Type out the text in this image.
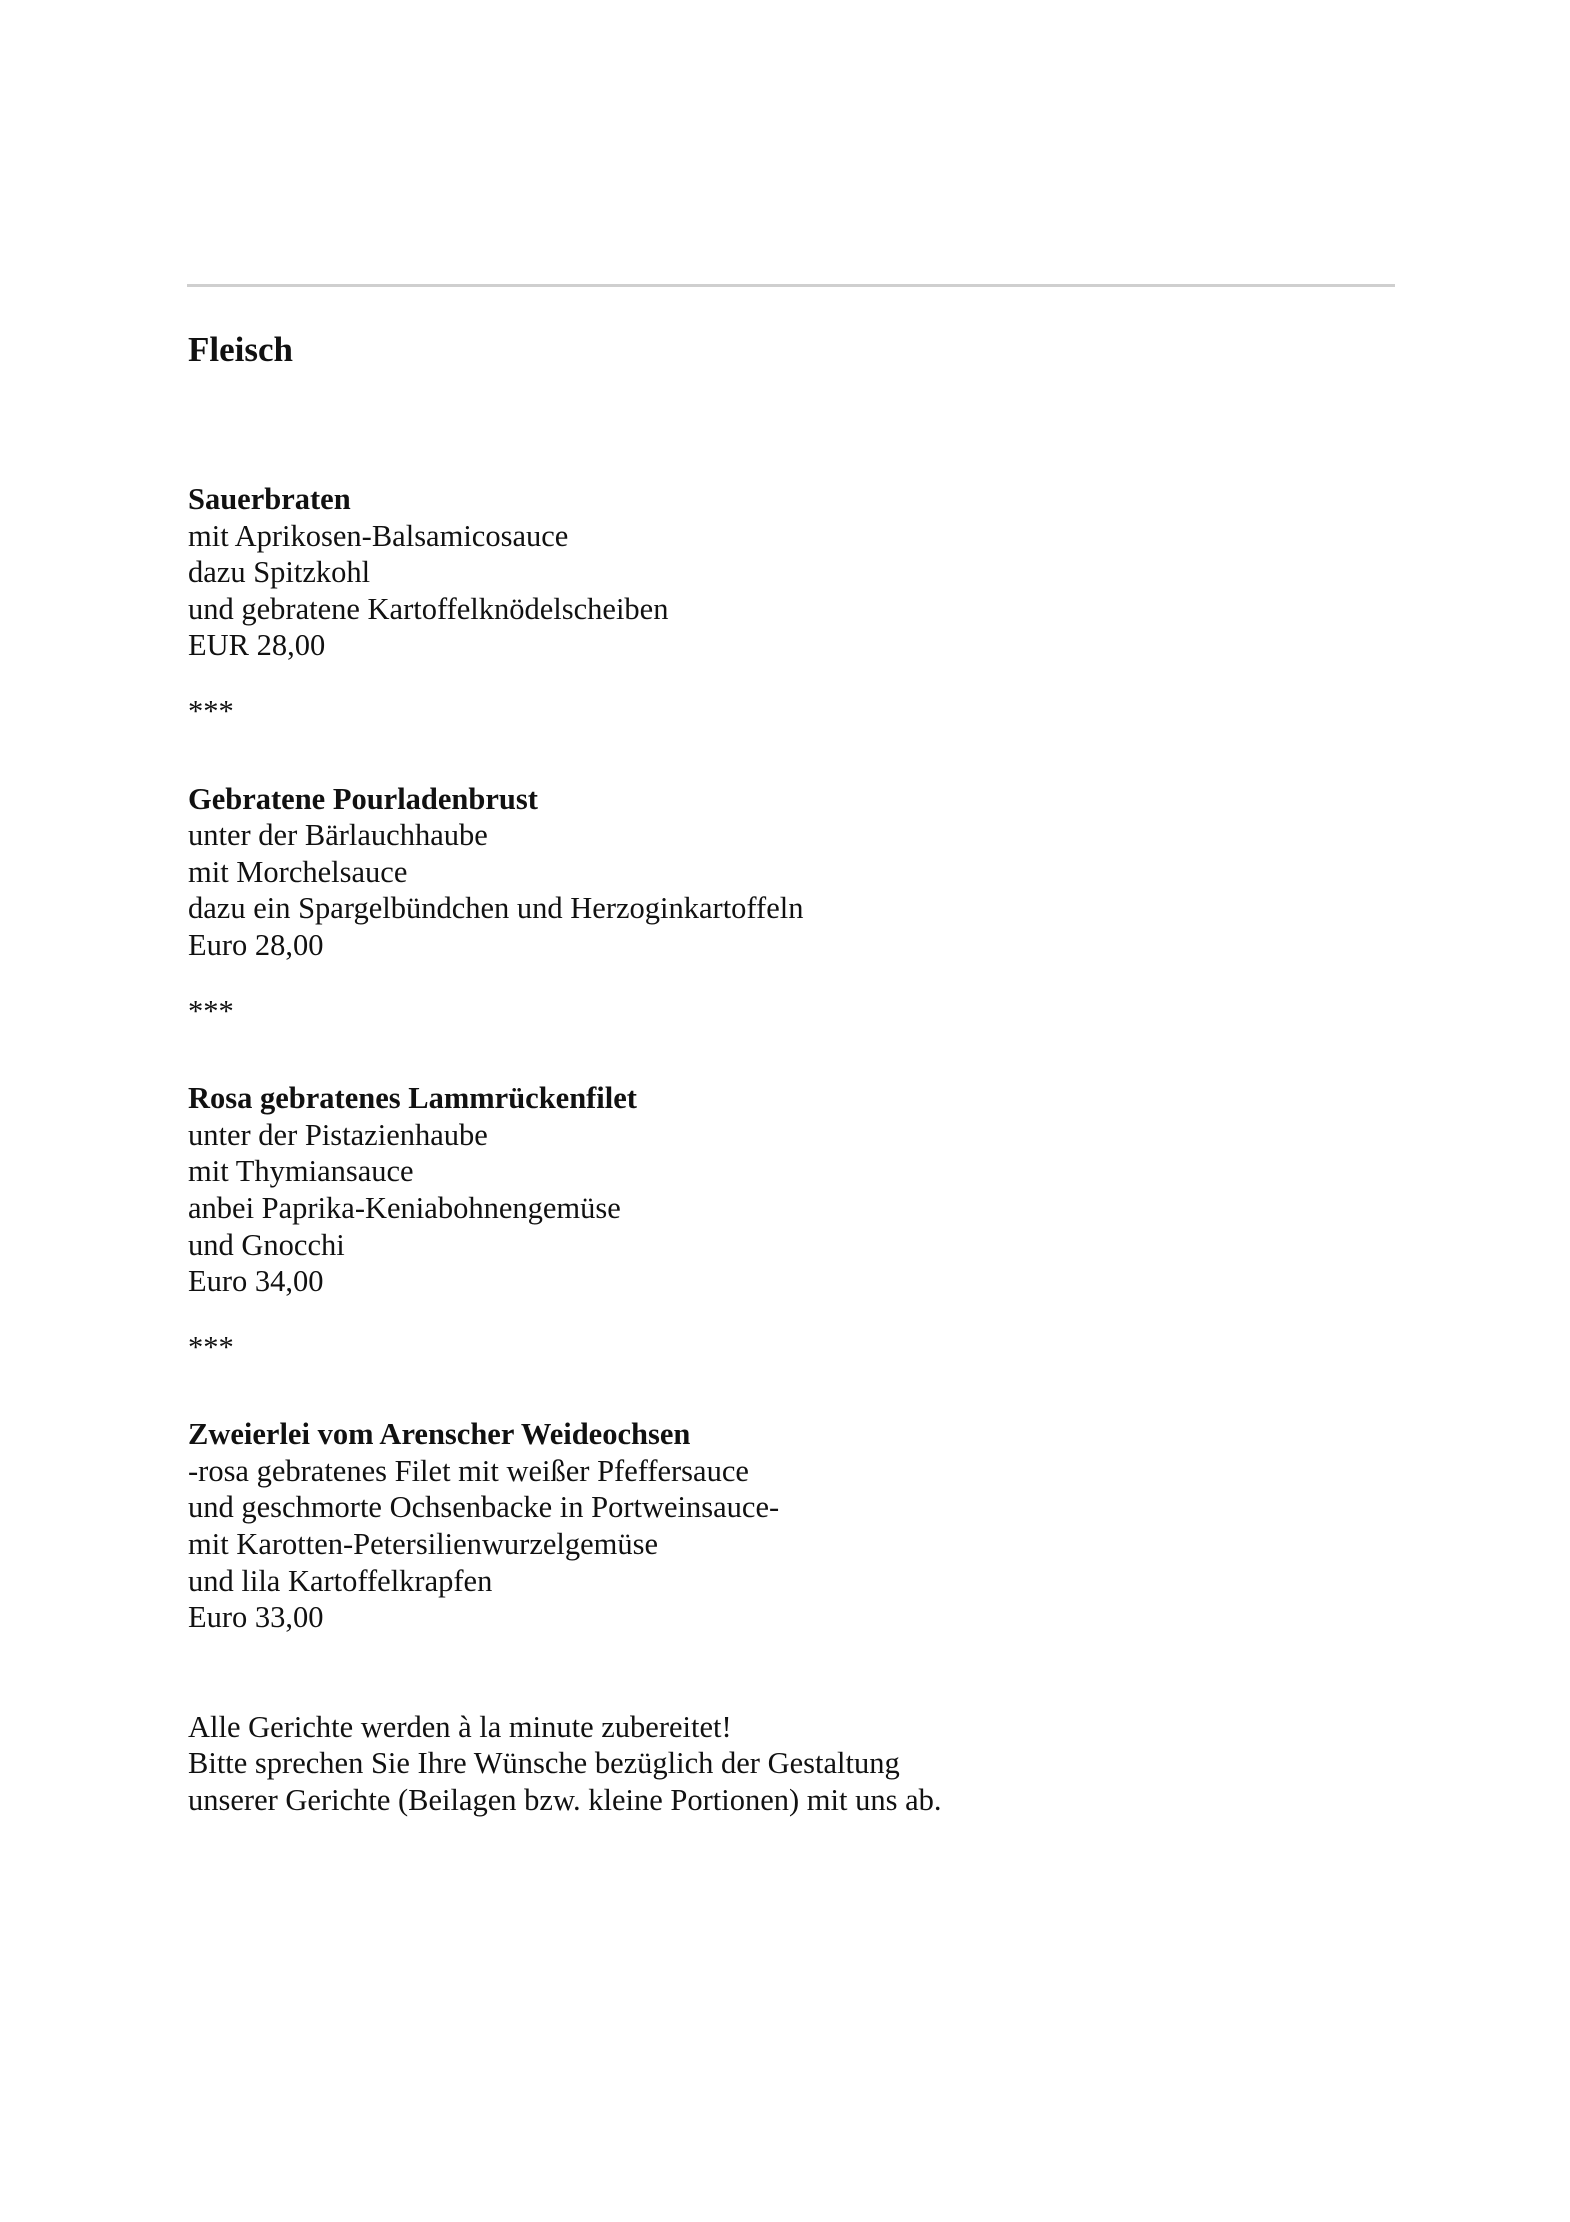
Fleisch
Sauerbraten
mit Aprikosen-Balsamicosauce
dazu Spitzkohl
und gebratene Kartoffelknödelscheiben
EUR 28,00
***
Gebratene Pourladenbrust
unter der Bärlauchhaube
mit Morchelsauce
dazu ein Spargelbündchen und Herzoginkartoffeln
Euro 28,00
***
Rosa gebratenes Lammrückenfilet
unter der Pistazienhaube
mit Thymiansauce
anbei Paprika-Keniabohnengemüse
und Gnocchi
Euro 34,00
***
Zweierlei vom Arenscher Weideochsen
-rosa gebratenes Filet mit weißer Pfeffersauce
und geschmorte Ochsenbacke in Portweinsauce-
mit Karotten-Petersilienwurzelgemüse
und lila Kartoffelkrapfen
Euro 33,00
Alle Gerichte werden à la minute zubereitet!
Bitte sprechen Sie Ihre Wünsche bezüglich der Gestaltung
unserer Gerichte (Beilagen bzw. kleine Portionen) mit uns ab.
